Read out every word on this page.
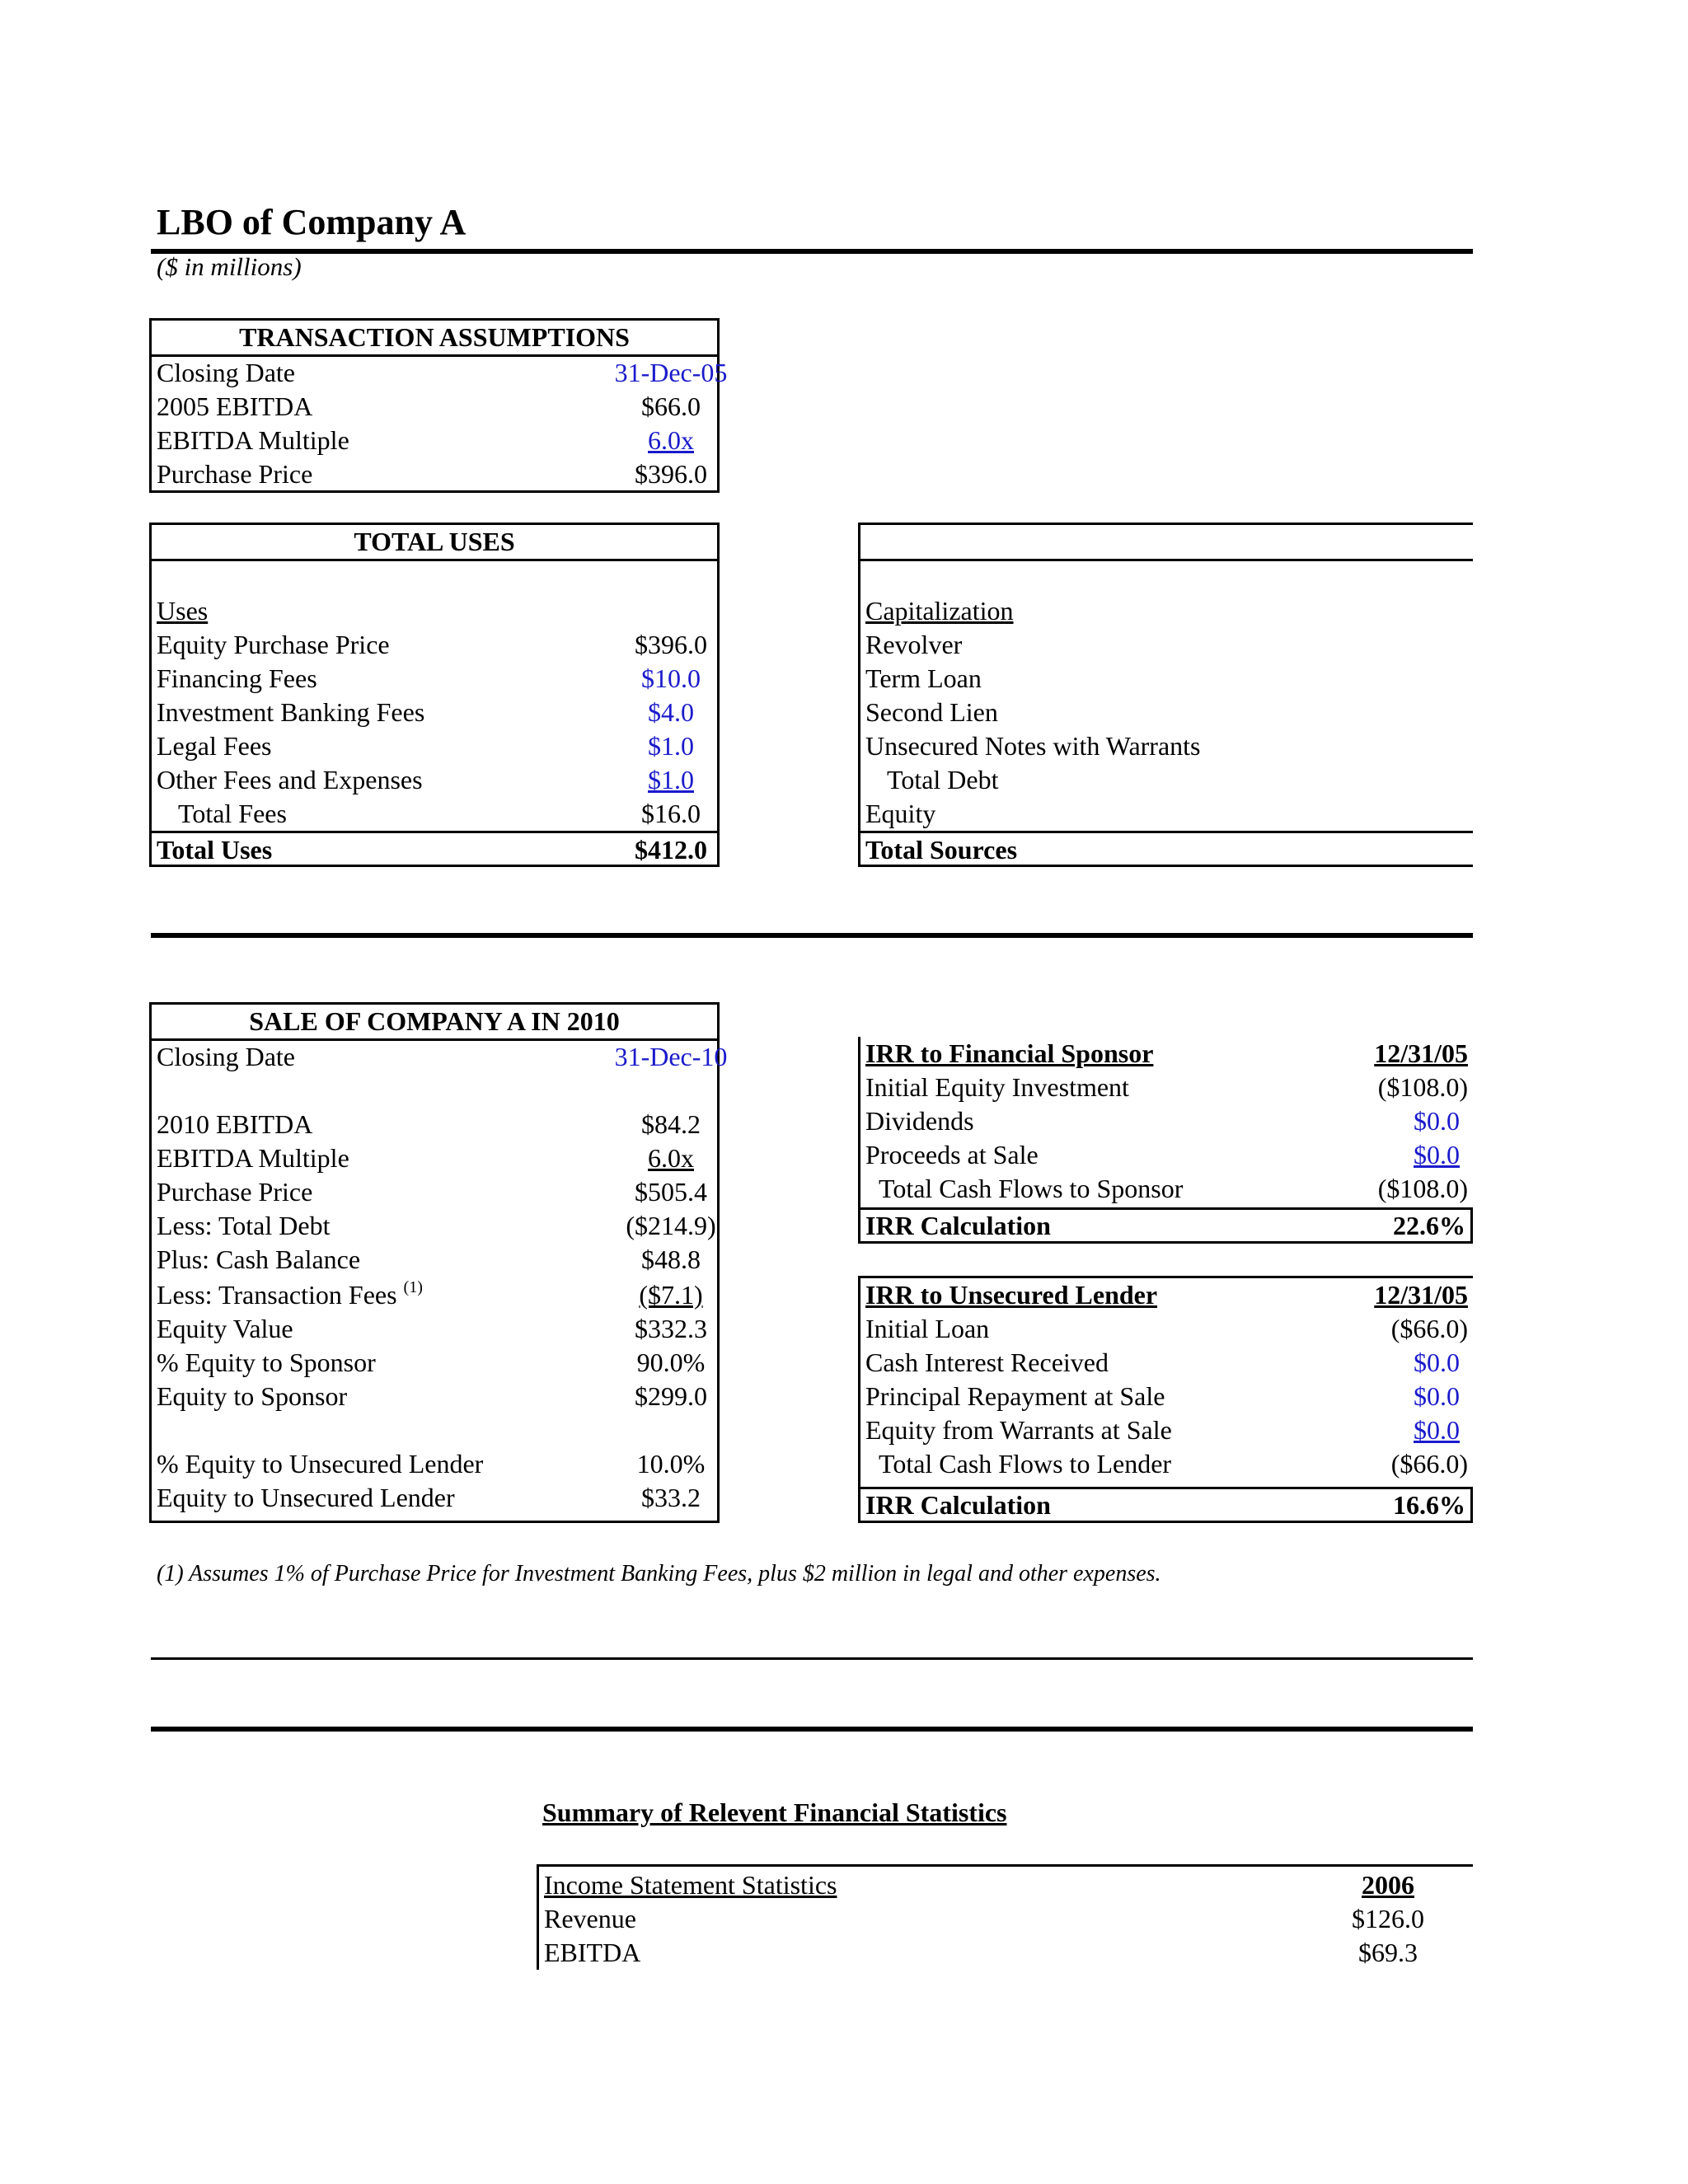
LBO of Company A
($ in millions)
TRANSACTION ASSUMPTIONS
Closing Date	31-Dec-05
2005 EBITDA	$66.0
EBITDA Multiple	6.0x
Purchase Price	$396.0
TOTAL USES
Uses
Equity Purchase Price	$396.0
Financing Fees	$10.0
Investment Banking Fees	$4.0
Legal Fees	$1.0
Other Fees and Expenses	$1.0
Total Fees	$16.0
Total Uses	$412.0
Capitalization
Revolver
Term Loan
Second Lien
Unsecured Notes with Warrants
Total Debt
Equity
Total Sources
SALE OF COMPANY A IN 2010
Closing Date	31-Dec-10
2010 EBITDA	$84.2
EBITDA Multiple	6.0x
Purchase Price	$505.4
Less: Total Debt	($214.9)
Plus: Cash Balance	$48.8
Less: Transaction Fees $^{(1)}$	($7.1)
Equity Value	$332.3
% Equity to Sponsor	90.0%
Equity to Sponsor	$299.0
% Equity to Unsecured Lender	10.0%
Equity to Unsecured Lender	$33.2
IRR to Financial Sponsor	12/31/05
Initial Equity Investment	($108.0)
Dividends	$0.0
Proceeds at Sale	$0.0
Total Cash Flows to Sponsor	($108.0)
IRR Calculation	22.6%
IRR to Unsecured Lender	12/31/05
Initial Loan	($66.0)
Cash Interest Received	$0.0
Principal Repayment at Sale	$0.0
Equity from Warrants at Sale	$0.0
Total Cash Flows to Lender	($66.0)
IRR Calculation	16.6%
(1) Assumes 1% of Purchase Price for Investment Banking Fees, plus $2 million in legal and other expenses.
Summary of Relevent Financial Statistics
Income Statement Statistics	2006
Revenue	$126.0
EBITDA	$69.3
